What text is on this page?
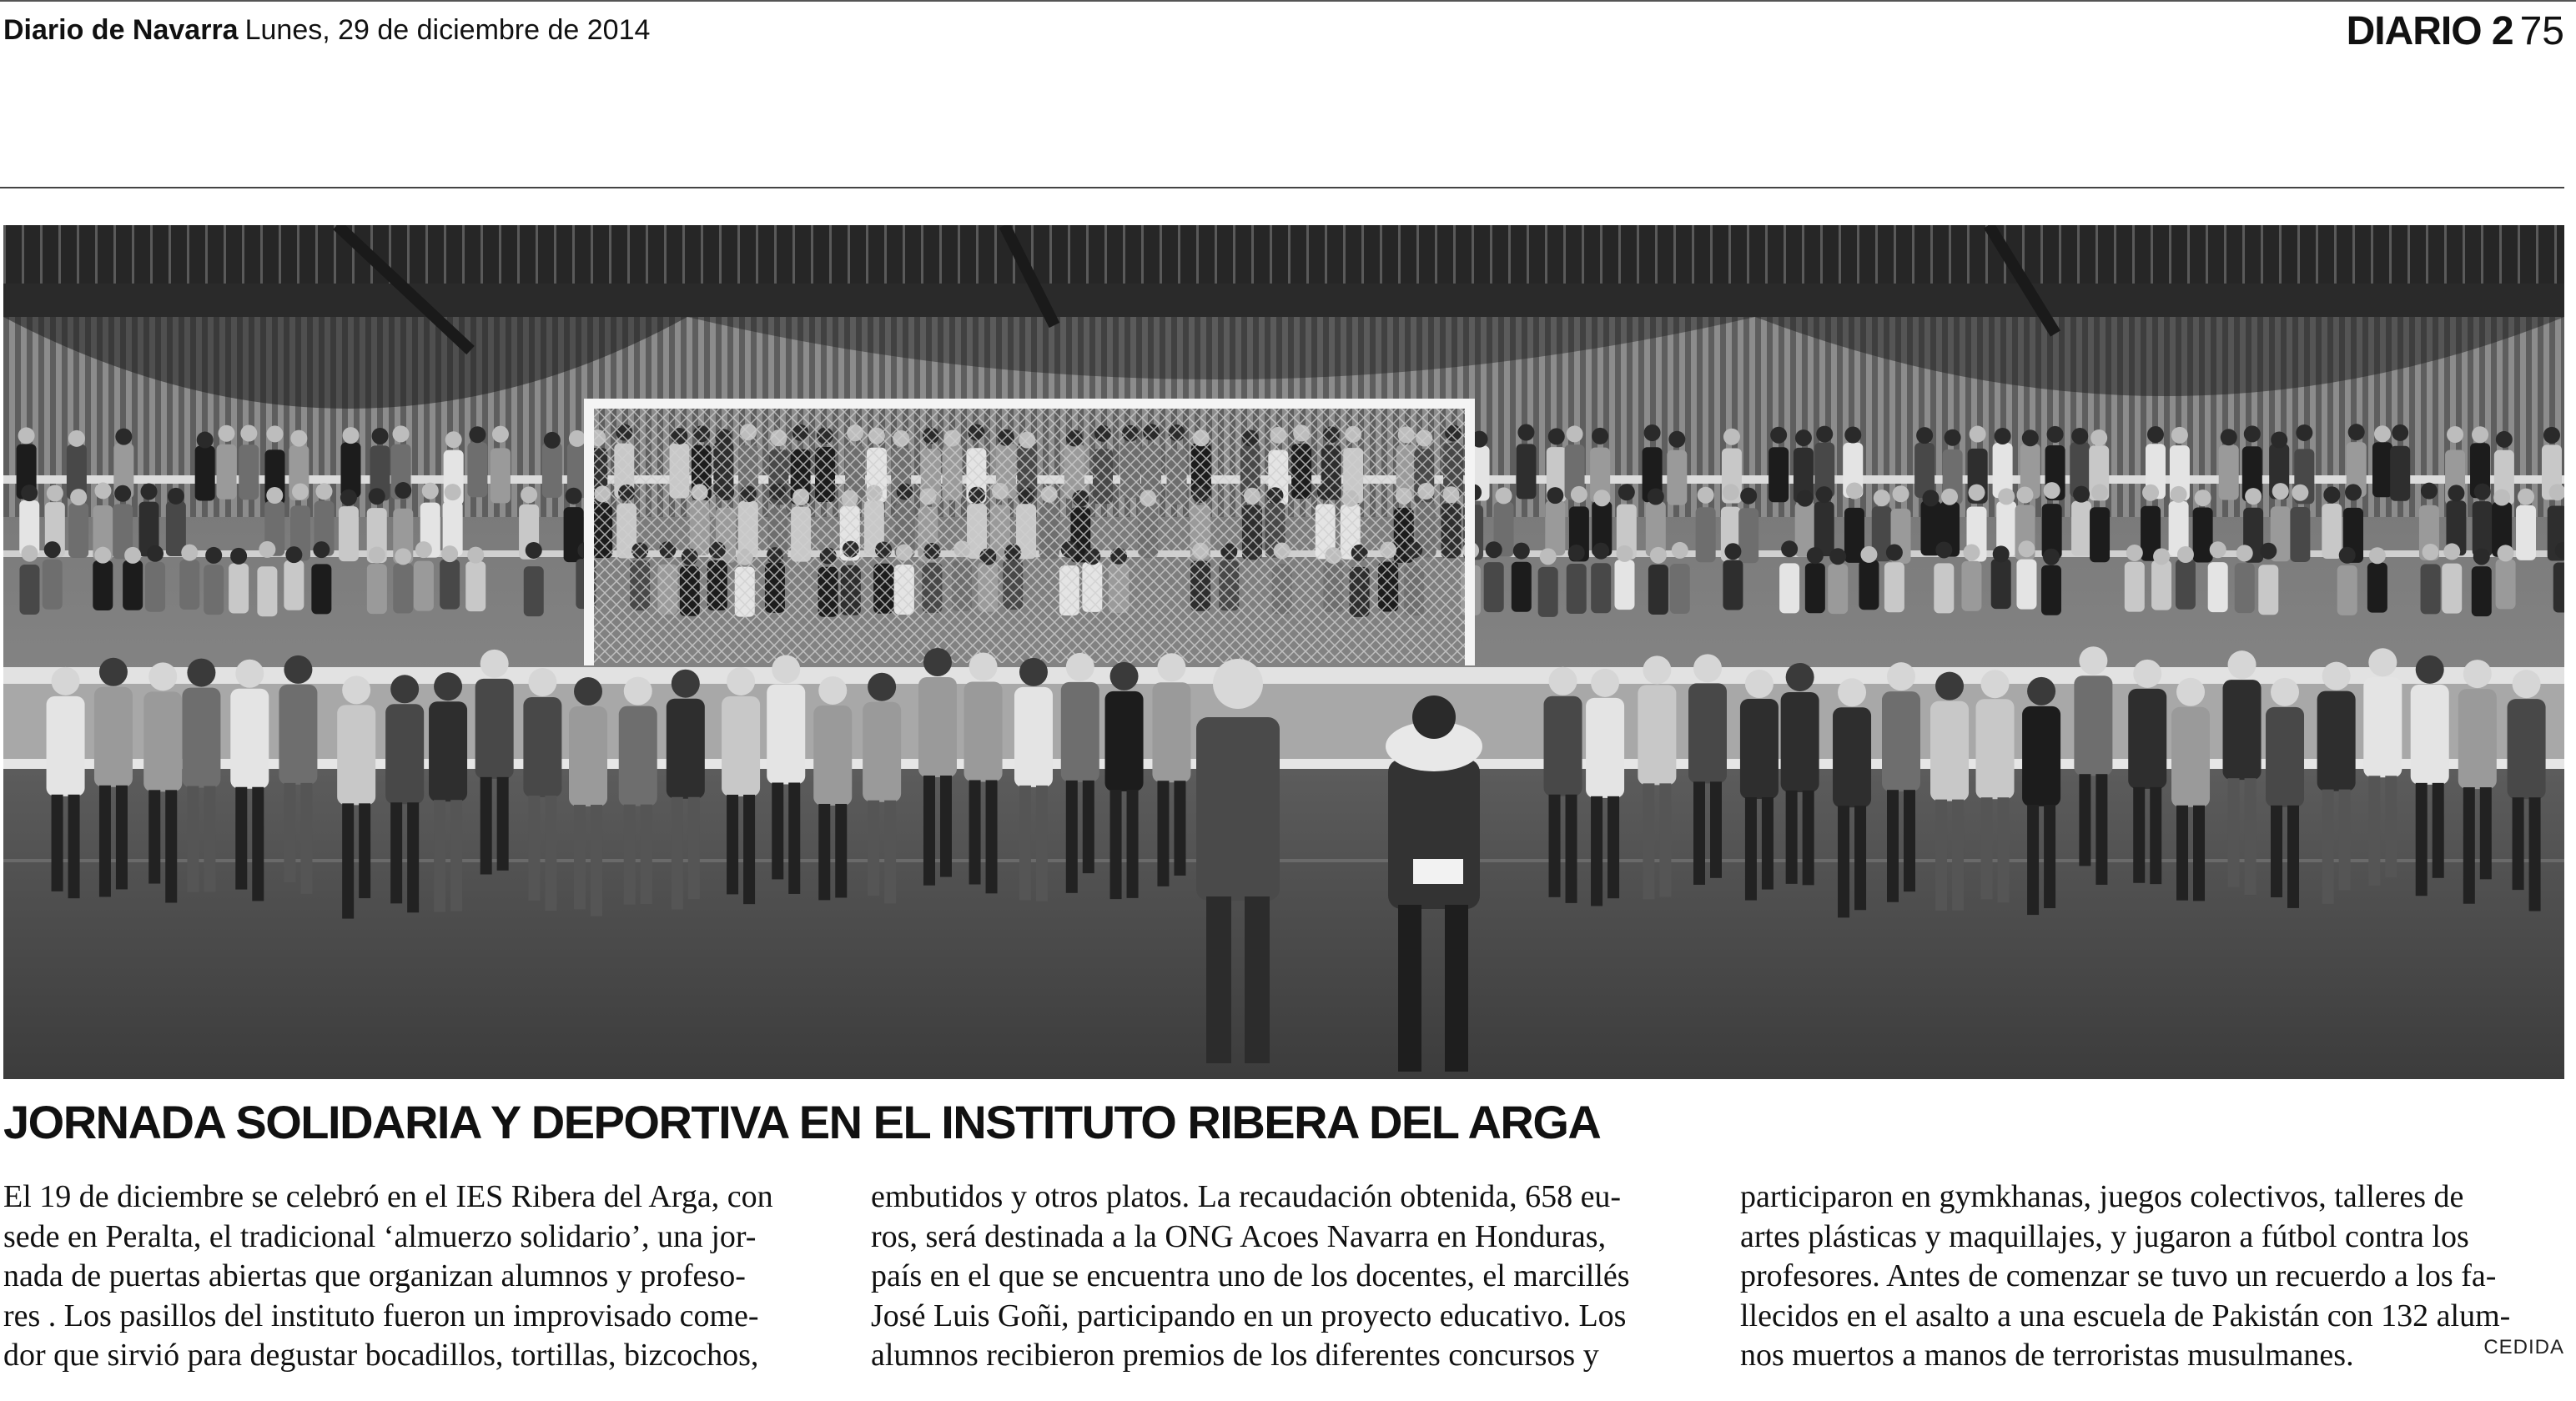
Diario de Navarra Lunes, 29 de diciembre de 2014	DIARIO 2 75
JORNADA SOLIDARIA Y DEPORTIVA EN EL INSTITUTO RIBERA DEL ARGA
El 19 de diciembre se celebró en el IES Ribera del Arga, con
sede en Peralta, el tradicional ‘almuerzo solidario’, una jor-
nada de puertas abiertas que organizan alumnos y profeso-
res . Los pasillos del instituto fueron un improvisado come-
dor que sirvió para degustar bocadillos, tortillas, bizcochos,
embutidos y otros platos. La recaudación obtenida, 658 eu-
ros, será destinada a la ONG Acoes Navarra en Honduras,
país en el que se encuentra uno de los docentes, el marcillés
José Luis Goñi, participando en un proyecto educativo. Los
alumnos recibieron premios de los diferentes concursos y
participaron en gymkhanas, juegos colectivos, talleres de
artes plásticas y maquillajes, y jugaron a fútbol contra los
profesores. Antes de comenzar se tuvo un recuerdo a los fa-
llecidos en el asalto a una escuela de Pakistán con 132 alum-
nos muertos a manos de terroristas musulmanes.	CEDIDA
